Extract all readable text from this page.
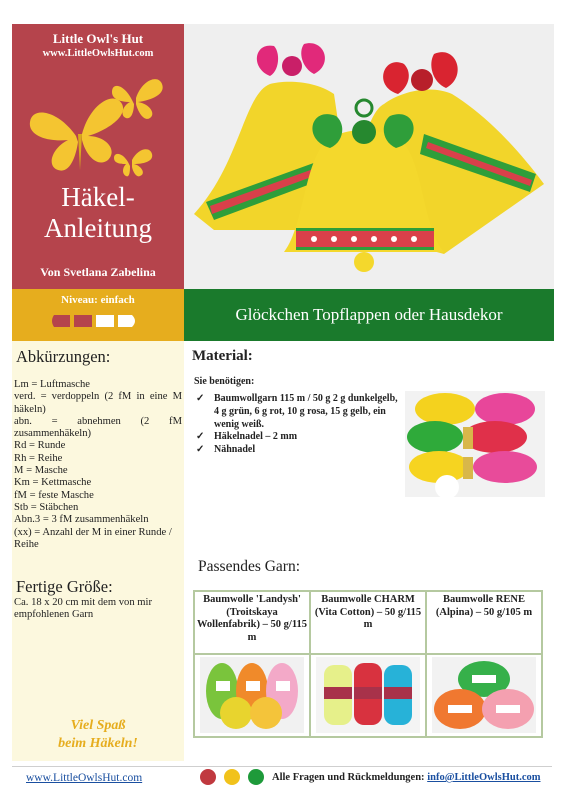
Little Owl's Hut
www.LittleOwlsHut.com
Häkel-
Anleitung
Von Svetlana Zabelina
Niveau: einfach
Glöckchen Topflappen oder Hausdekor
Abkürzungen:
Lm = Luftmasche
verd. = verdoppeln (2 fM in eine M häkeln)
abn. = abnehmen (2 fM zusammenhäkeln)
Rd = Runde
Rh = Reihe
M = Masche
Km = Kettmasche
fM = feste Masche
Stb = Stäbchen
Abn.3 = 3 fM zusammenhäkeln
(xx) = Anzahl der M in einer Runde / Reihe
Fertige Größe:
Ca. 18 x 20 cm mit dem von mir empfohlenen Garn
Viel Spaß
beim Häkeln!
Material:
Sie benötigen:
✓ Baumwollgarn 115 m / 50 g 2 g dunkelgelb, 4 g grün, 6 g rot, 10 g rosa, 15 g gelb, ein wenig weiß.
✓ Häkelnadel – 2 mm
✓ Nähnadel
Passendes Garn:
Baumwolle 'Landysh' (Troitskaya Wollenfabrik) – 50 g/115 m	Baumwolle CHARM (Vita Cotton) – 50 g/115 m	Baumwolle RENE (Alpina) – 50 g/105 m

www.LittleOwlsHut.com	Alle Fragen und Rückmeldungen: info@LittleOwlsHut.com
